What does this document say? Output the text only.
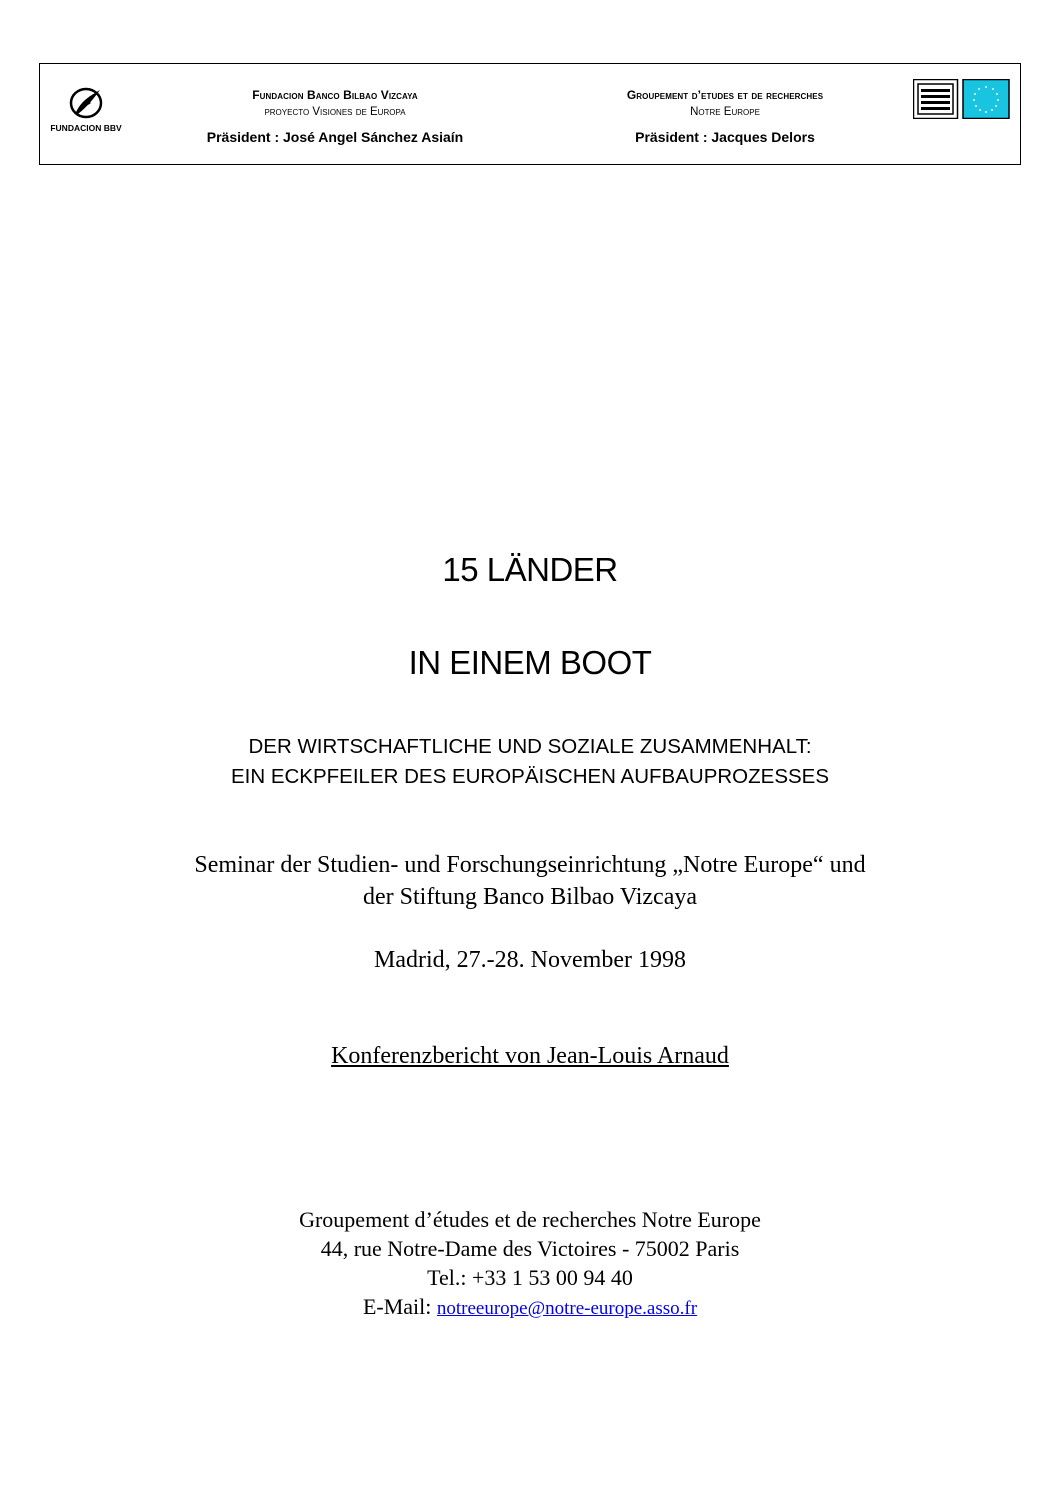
FUNDACION BBV
Fundacion Banco Bilbao Vizcaya
proyecto Visiones de Europa
Präsident : José Angel Sánchez Asiaín
Groupement d’etudes et de recherches
Notre Europe
Präsident : Jacques Delors
15 LÄNDER
IN EINEM BOOT
DER WIRTSCHAFTLICHE UND SOZIALE ZUSAMMENHALT:
EIN ECKPFEILER DES EUROPÄISCHEN AUFBAUPROZESSES
Seminar der Studien- und Forschungseinrichtung „Notre Europe“ und
der Stiftung Banco Bilbao Vizcaya
Madrid, 27.-28. November 1998
Konferenzbericht von Jean-Louis Arnaud
Groupement d’études et de recherches Notre Europe
44, rue Notre-Dame des Victoires - 75002 Paris
Tel.: +33 1 53 00 94 40
E-Mail: notreeurope@notre-europe.asso.fr
